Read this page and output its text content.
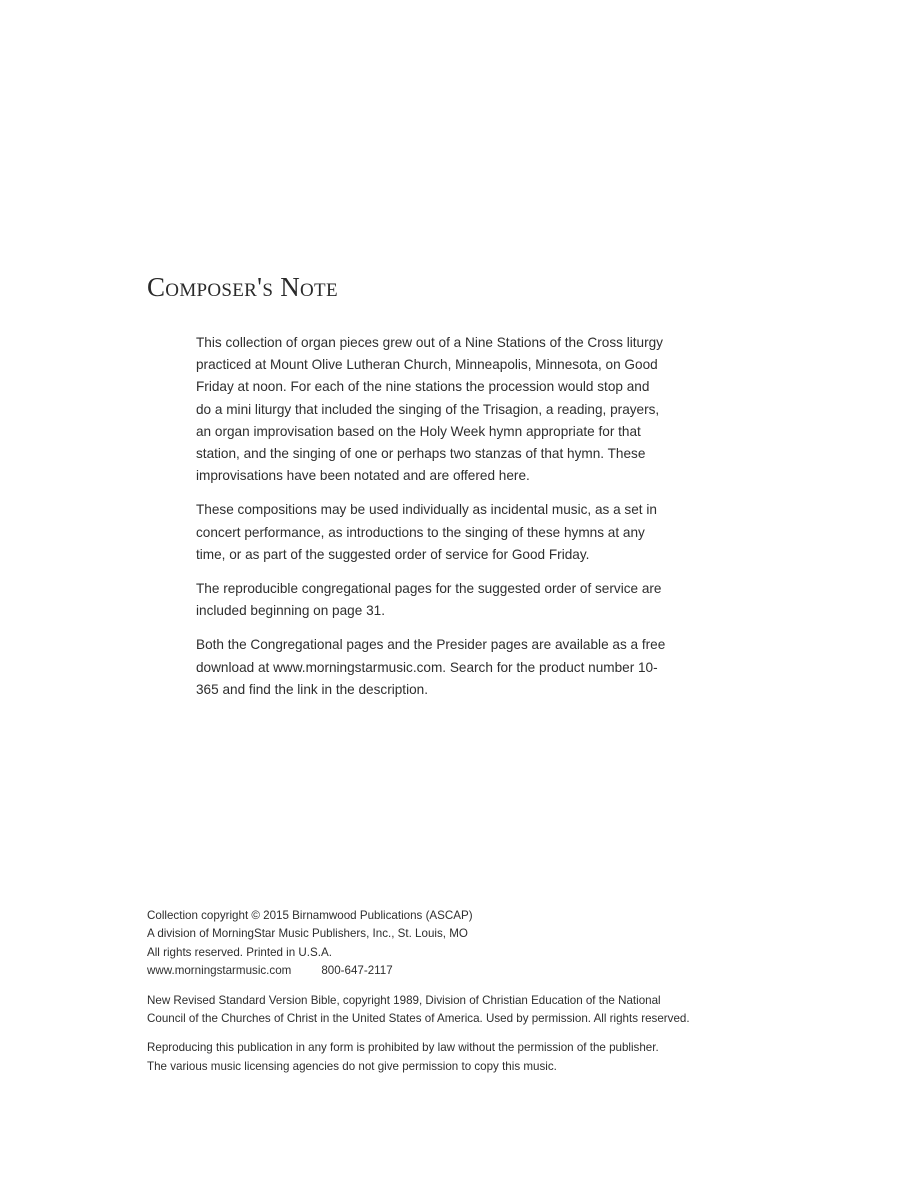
Composer's Note

This collection of organ pieces grew out of a Nine Stations of the Cross liturgy practiced at Mount Olive Lutheran Church, Minneapolis, Minnesota, on Good Friday at noon. For each of the nine stations the procession would stop and do a mini liturgy that included the singing of the Trisagion, a reading, prayers, an organ improvisation based on the Holy Week hymn appropriate for that station, and the singing of one or perhaps two stanzas of that hymn. These improvisations have been notated and are offered here.

These compositions may be used individually as incidental music, as a set in concert performance, as introductions to the singing of these hymns at any time, or as part of the suggested order of service for Good Friday.

The reproducible congregational pages for the suggested order of service are included beginning on page 31.

Both the Congregational pages and the Presider pages are available as a free download at www.morningstarmusic.com. Search for the product number 10-365 and find the link in the description.

Collection copyright © 2015 Birnamwood Publications (ASCAP)
A division of MorningStar Music Publishers, Inc., St. Louis, MO
All rights reserved. Printed in U.S.A.
www.morningstarmusic.com	800-647-2117
New Revised Standard Version Bible, copyright 1989, Division of Christian Education of the National
Council of the Churches of Christ in the United States of America. Used by permission. All rights reserved.
Reproducing this publication in any form is prohibited by law without the permission of the publisher.
The various music licensing agencies do not give permission to copy this music.
